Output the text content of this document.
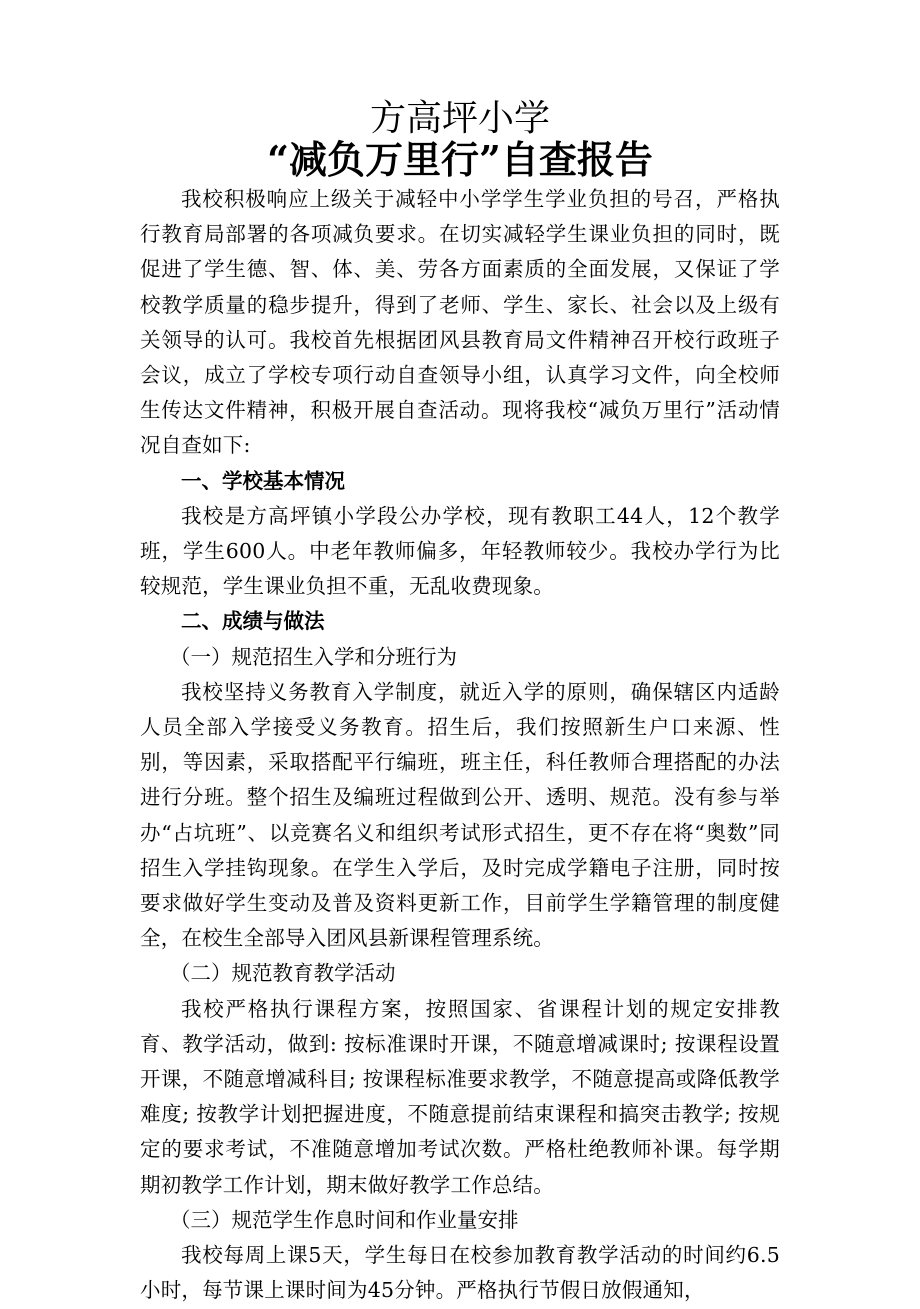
方高坪小学
“减负万里行”自查报告

我校积极响应上级关于减轻中小学学生学业负担的号召，严格执行教育局部署的各项减负要求。在切实减轻学生课业负担的同时，既促进了学生德、智、体、美、劳各方面素质的全面发展，又保证了学校教学质量的稳步提升，得到了老师、学生、家长、社会以及上级有关领导的认可。我校首先根据团风县教育局文件精神召开校行政班子会议，成立了学校专项行动自查领导小组，认真学习文件，向全校师生传达文件精神，积极开展自查活动。现将我校“减负万里行”活动情况自查如下:

一、学校基本情况

我校是方高坪镇小学段公办学校，现有教职工44人，12个教学班，学生600人。中老年教师偏多，年轻教师较少。我校办学行为比较规范，学生课业负担不重，无乱收费现象。

二、成绩与做法

（一）规范招生入学和分班行为

我校坚持义务教育入学制度，就近入学的原则，确保辖区内适龄人员全部入学接受义务教育。招生后，我们按照新生户口来源、性别，等因素，采取搭配平行编班，班主任，科任教师合理搭配的办法进行分班。整个招生及编班过程做到公开、透明、规范。没有参与举办“占坑班”、以竞赛名义和组织考试形式招生，更不存在将“奥数”同招生入学挂钩现象。在学生入学后，及时完成学籍电子注册，同时按要求做好学生变动及普及资料更新工作，目前学生学籍管理的制度健全，在校生全部导入团风县新课程管理系统。

（二）规范教育教学活动

我校严格执行课程方案，按照国家、省课程计划的规定安排教育、教学活动，做到: 按标准课时开课，不随意增减课时; 按课程设置开课，不随意增减科目; 按课程标准要求教学，不随意提高或降低教学难度; 按教学计划把握进度，不随意提前结束课程和搞突击教学; 按规定的要求考试，不准随意增加考试次数。严格杜绝教师补课。每学期期初教学工作计划，期末做好教学工作总结。

（三）规范学生作息时间和作业量安排

我校每周上课5天，学生每日在校参加教育教学活动的时间约6.5小时，每节课上课时间为45分钟。严格执行节假日放假通知，
